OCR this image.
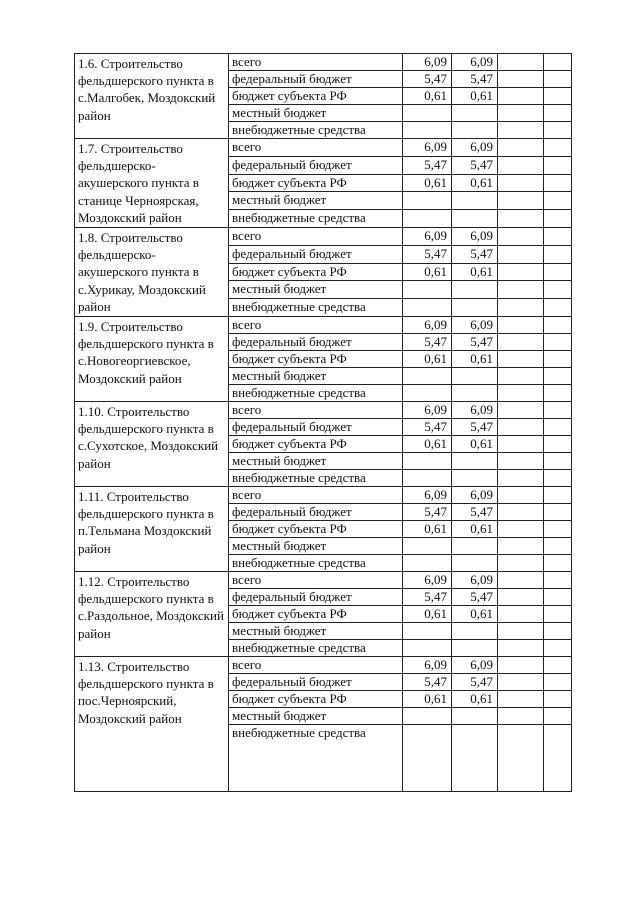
1.6. Строительство фельдшерского пункта в с.Малгобек, Моздокский район	всего	6,09	6,09		
	федеральный бюджет	5,47	5,47		
	бюджет субъекта РФ	0,61	0,61		
	местный бюджет				
	внебюджетные средства				
1.7. Строительство фельдшерско-акушерского пункта в станице Черноярская, Моздокский район	всего	6,09	6,09		
	федеральный бюджет	5,47	5,47		
	бюджет субъекта РФ	0,61	0,61		
	местный бюджет				
	внебюджетные средства				
1.8. Строительство фельдшерско-акушерского пункта в с.Хурикау, Моздокский район	всего	6,09	6,09		
	федеральный бюджет	5,47	5,47		
	бюджет субъекта РФ	0,61	0,61		
	местный бюджет				
	внебюджетные средства				
1.9. Строительство фельдшерского пункта в с.Новогеоргиевское, Моздокский район	всего	6,09	6,09		
	федеральный бюджет	5,47	5,47		
	бюджет субъекта РФ	0,61	0,61		
	местный бюджет				
	внебюджетные средства				
1.10. Строительство фельдшерского пункта в с.Сухотское, Моздокский район	всего	6,09	6,09		
	федеральный бюджет	5,47	5,47		
	бюджет субъекта РФ	0,61	0,61		
	местный бюджет				
	внебюджетные средства				
1.11. Строительство фельдшерского пункта в п.Тельмана Моздокский район	всего	6,09	6,09		
	федеральный бюджет	5,47	5,47		
	бюджет субъекта РФ	0,61	0,61		
	местный бюджет				
	внебюджетные средства				
1.12. Строительство фельдшерского пункта в с.Раздольное, Моздокский район	всего	6,09	6,09		
	федеральный бюджет	5,47	5,47		
	бюджет субъекта РФ	0,61	0,61		
	местный бюджет				
	внебюджетные средства				
1.13. Строительство фельдшерского пункта в пос.Черноярский, Моздокский район	всего	6,09	6,09		
	федеральный бюджет	5,47	5,47		
	бюджет субъекта РФ	0,61	0,61		
	местный бюджет				
	внебюджетные средства				
